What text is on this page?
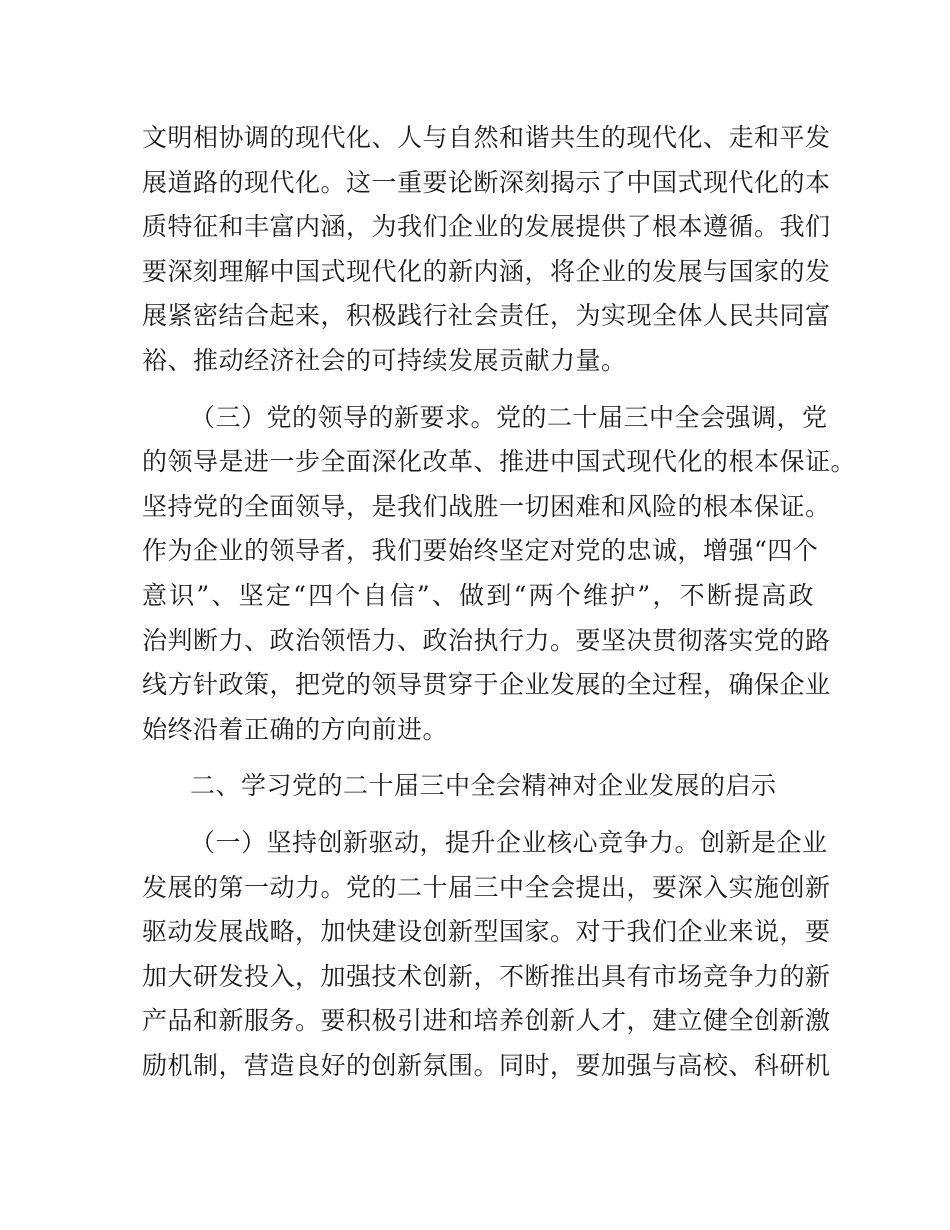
文明相协调的现代化、人与自然和谐共生的现代化、走和平发
展道路的现代化。这一重要论断深刻揭示了中国式现代化的本
质特征和丰富内涵，为我们企业的发展提供了根本遵循。我们
要深刻理解中国式现代化的新内涵，将企业的发展与国家的发
展紧密结合起来，积极践行社会责任，为实现全体人民共同富
裕、推动经济社会的可持续发展贡献力量。
（三）党的领导的新要求。党的二十届三中全会强调，党
的领导是进一步全面深化改革、推进中国式现代化的根本保证。
坚持党的全面领导，是我们战胜一切困难和风险的根本保证。
作为企业的领导者，我们要始终坚定对党的忠诚，增强“四个
意识”、坚定“四个自信”、做到“两个维护”，不断提高政
治判断力、政治领悟力、政治执行力。要坚决贯彻落实党的路
线方针政策，把党的领导贯穿于企业发展的全过程，确保企业
始终沿着正确的方向前进。
二、学习党的二十届三中全会精神对企业发展的启示
（一）坚持创新驱动，提升企业核心竞争力。创新是企业
发展的第一动力。党的二十届三中全会提出，要深入实施创新
驱动发展战略，加快建设创新型国家。对于我们企业来说，要
加大研发投入，加强技术创新，不断推出具有市场竞争力的新
产品和新服务。要积极引进和培养创新人才，建立健全创新激
励机制，营造良好的创新氛围。同时，要加强与高校、科研机
